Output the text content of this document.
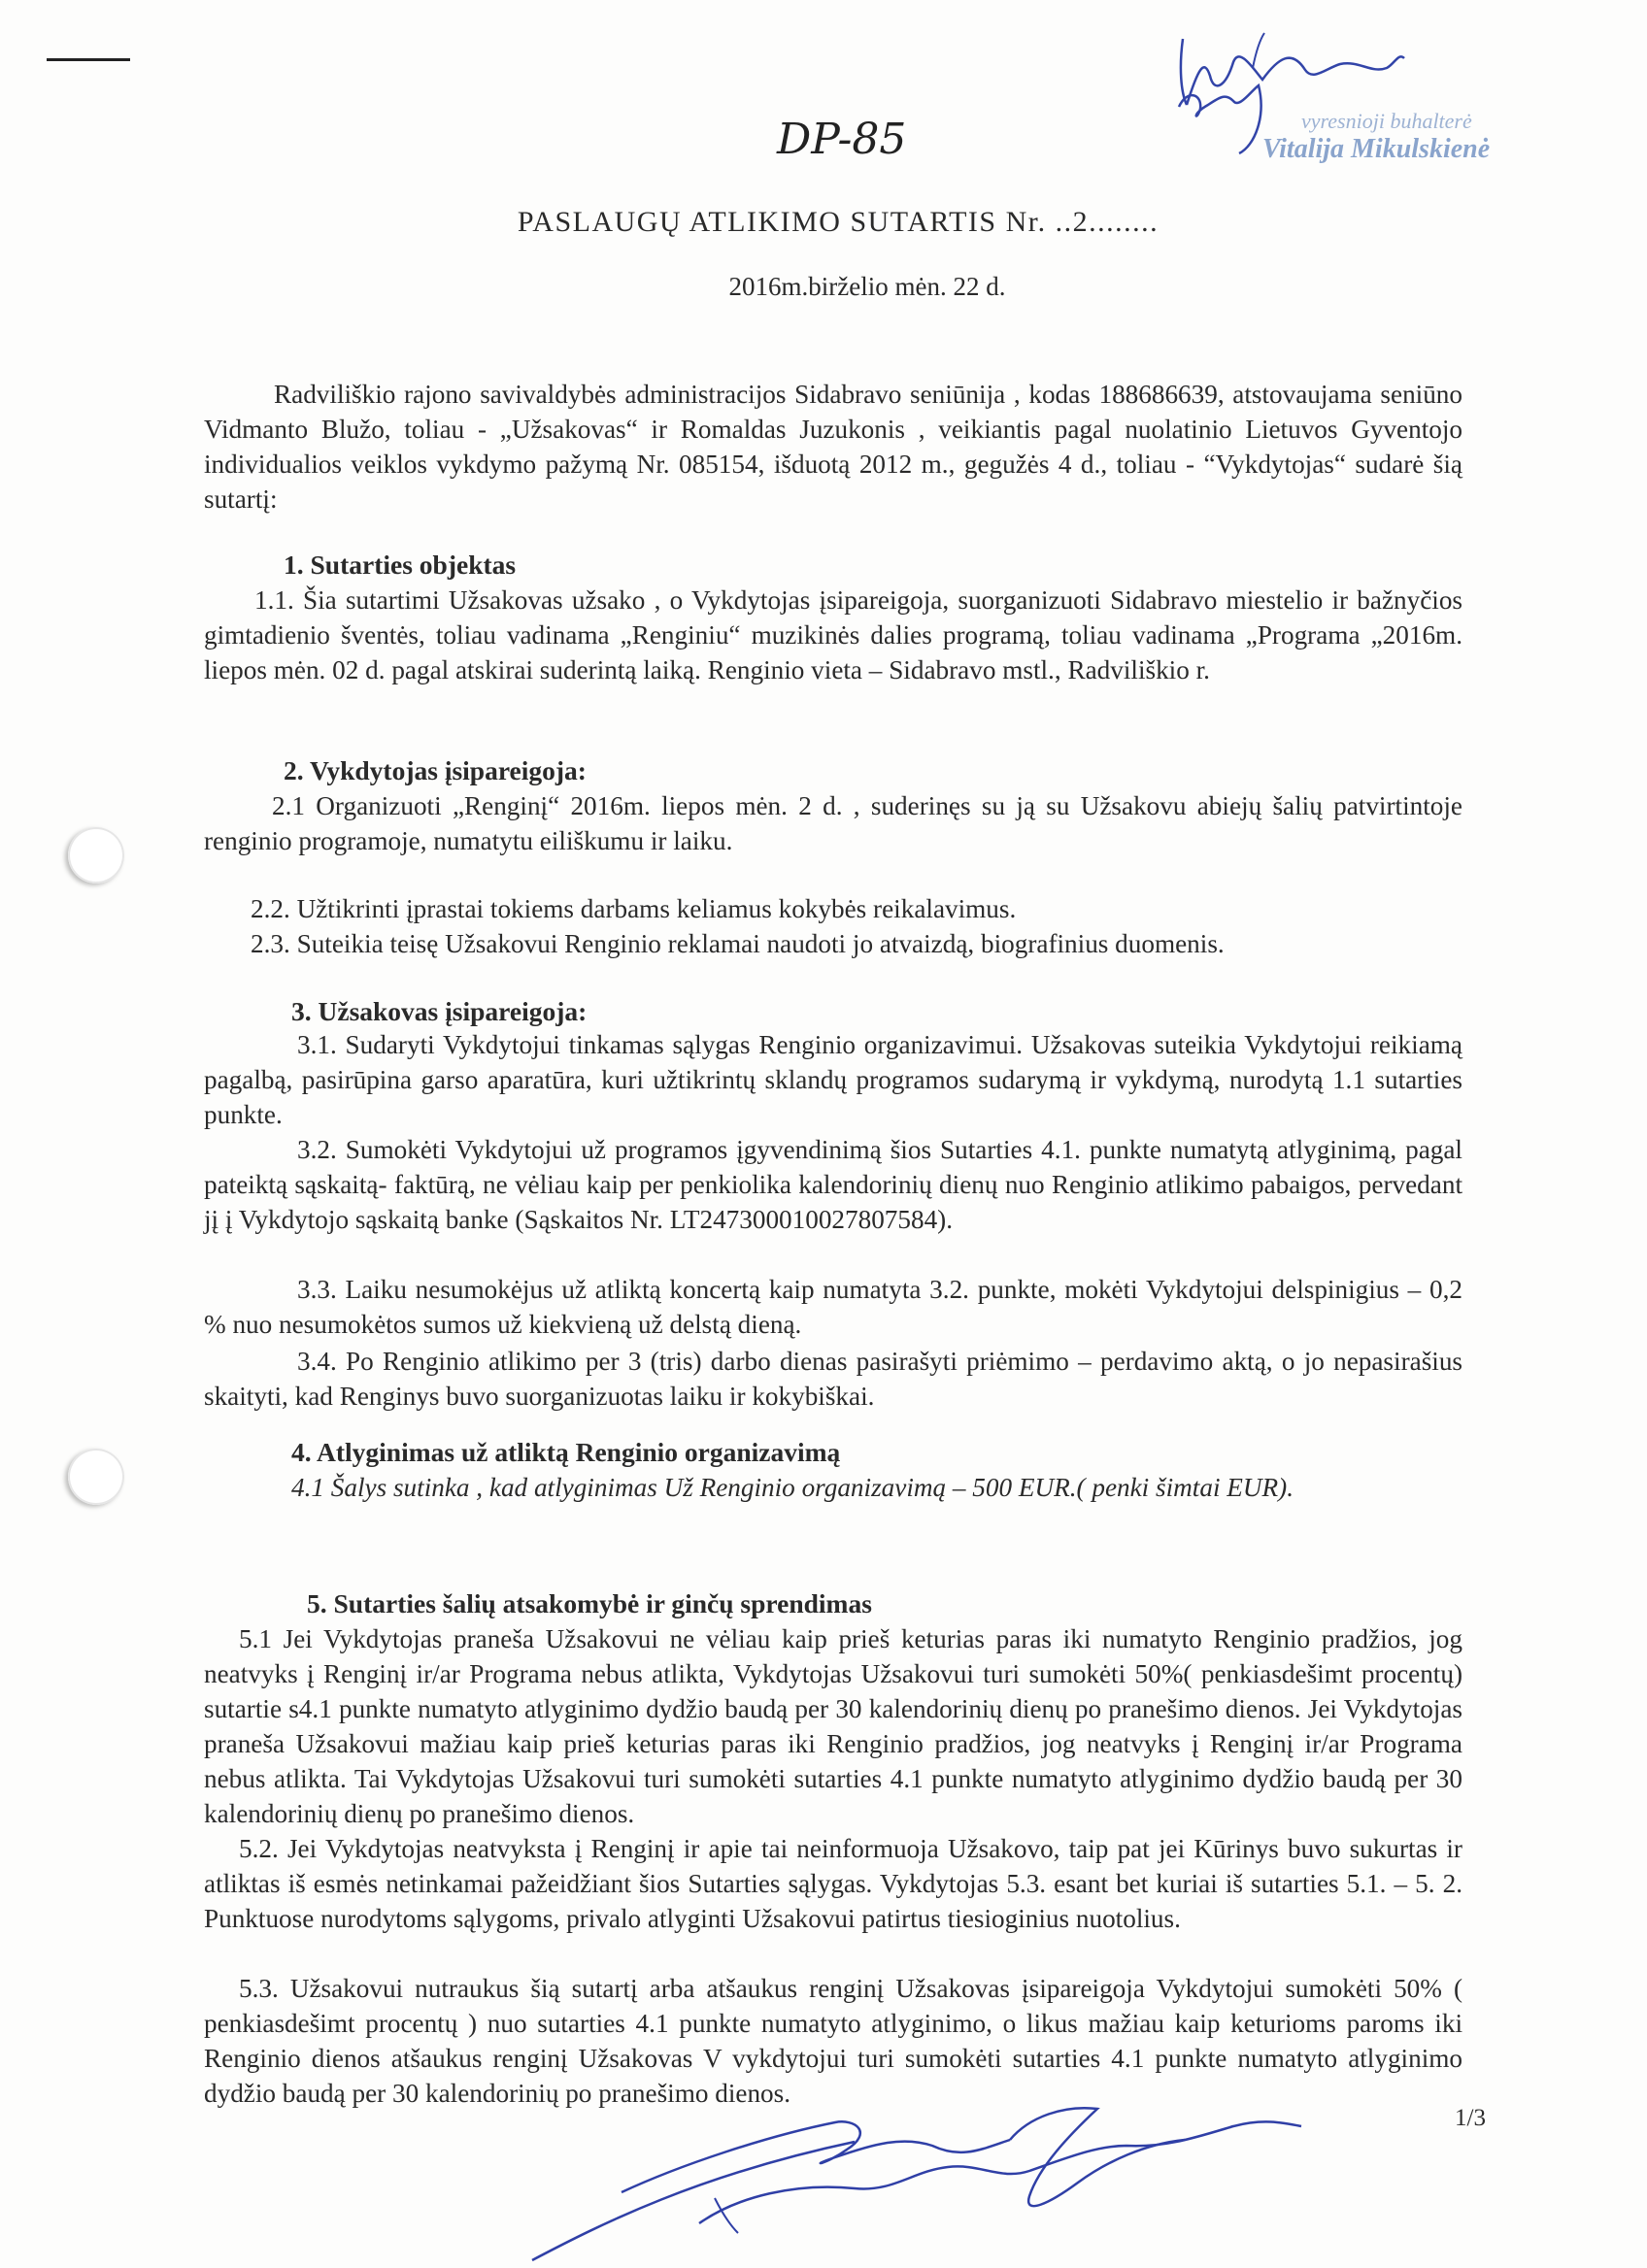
DP-85	vyresnioji buhalterė
Vitalija Mikulskienė
PASLAUGŲ ATLIKIMO SUTARTIS Nr. ..2........
2016m.birželio mėn. 22 d.
Radviliškio rajono savivaldybės administracijos Sidabravo seniūnija , kodas 188686639, atstovaujama seniūno Vidmanto Blužo, toliau - „Užsakovas“ ir Romaldas Juzukonis , veikiantis pagal nuolatinio Lietuvos Gyventojo individualios veiklos vykdymo pažymą Nr. 085154, išduotą 2012 m., gegužės 4 d., toliau - “Vykdytojas“ sudarė šią sutartį:
1. Sutarties objektas
1.1. Šia sutartimi Užsakovas užsako , o Vykdytojas įsipareigoja, suorganizuoti Sidabravo miestelio ir bažnyčios gimtadienio šventės, toliau vadinama „Renginiu“ muzikinės dalies programą, toliau vadinama „Programa „2016m. liepos mėn. 02 d. pagal atskirai suderintą laiką. Renginio vieta – Sidabravo mstl., Radviliškio r.
2. Vykdytojas įsipareigoja:
2.1 Organizuoti „Renginį“ 2016m. liepos mėn. 2 d. , suderinęs su ją su Užsakovu abiejų šalių patvirtintoje renginio programoje, numatytu eiliškumu ir laiku.
2.2. Užtikrinti įprastai tokiems darbams keliamus kokybės reikalavimus.
2.3. Suteikia teisę Užsakovui Renginio reklamai naudoti jo atvaizdą, biografinius duomenis.
3. Užsakovas įsipareigoja:
3.1. Sudaryti Vykdytojui tinkamas sąlygas Renginio organizavimui. Užsakovas suteikia Vykdytojui reikiamą pagalbą, pasirūpina garso aparatūra, kuri užtikrintų sklandų programos sudarymą ir vykdymą, nurodytą 1.1 sutarties punkte.
3.2. Sumokėti Vykdytojui už programos įgyvendinimą šios Sutarties 4.1. punkte numatytą atlyginimą, pagal pateiktą sąskaitą- faktūrą, ne vėliau kaip per penkiolika kalendorinių dienų nuo Renginio atlikimo pabaigos, pervedant jį į Vykdytojo sąskaitą banke (Sąskaitos Nr. LT247300010027807584).
3.3. Laiku nesumokėjus už atliktą koncertą kaip numatyta 3.2. punkte, mokėti Vykdytojui delspinigius – 0,2 % nuo nesumokėtos sumos už kiekvieną už delstą dieną.
3.4. Po Renginio atlikimo per 3 (tris) darbo dienas pasirašyti priėmimo – perdavimo aktą, o jo nepasirašius skaityti, kad Renginys buvo suorganizuotas laiku ir kokybiškai.
4. Atlyginimas už atliktą Renginio organizavimą
4.1 Šalys sutinka , kad atlyginimas Už Renginio organizavimą – 500 EUR.( penki šimtai EUR).
5. Sutarties šalių atsakomybė ir ginčų sprendimas
5.1 Jei Vykdytojas praneša Užsakovui ne vėliau kaip prieš keturias paras iki numatyto Renginio pradžios, jog neatvyks į Renginį ir/ar Programa nebus atlikta, Vykdytojas Užsakovui turi sumokėti 50%( penkiasdešimt procentų) sutartie s4.1 punkte numatyto atlyginimo dydžio baudą per 30 kalendorinių dienų po pranešimo dienos. Jei Vykdytojas praneša Užsakovui mažiau kaip prieš keturias paras iki Renginio pradžios, jog neatvyks į Renginį ir/ar Programa nebus atlikta. Tai Vykdytojas Užsakovui turi sumokėti sutarties 4.1 punkte numatyto atlyginimo dydžio baudą per 30 kalendorinių dienų po pranešimo dienos.
5.2. Jei Vykdytojas neatvyksta į Renginį ir apie tai neinformuoja Užsakovo, taip pat jei Kūrinys buvo sukurtas ir atliktas iš esmės netinkamai pažeidžiant šios Sutarties sąlygas. Vykdytojas 5.3. esant bet kuriai iš sutarties 5.1. – 5. 2. Punktuose nurodytoms sąlygoms, privalo atlyginti Užsakovui patirtus tiesioginius nuotolius.
5.3. Užsakovui nutraukus šią sutartį arba atšaukus renginį Užsakovas įsipareigoja Vykdytojui sumokėti 50% ( penkiasdešimt procentų ) nuo sutarties 4.1 punkte numatyto atlyginimo, o likus mažiau kaip keturioms paroms iki Renginio dienos atšaukus renginį Užsakovas V vykdytojui turi sumokėti sutarties 4.1 punkte numatyto atlyginimo dydžio baudą per 30 kalendorinių po pranešimo dienos.
1/3
